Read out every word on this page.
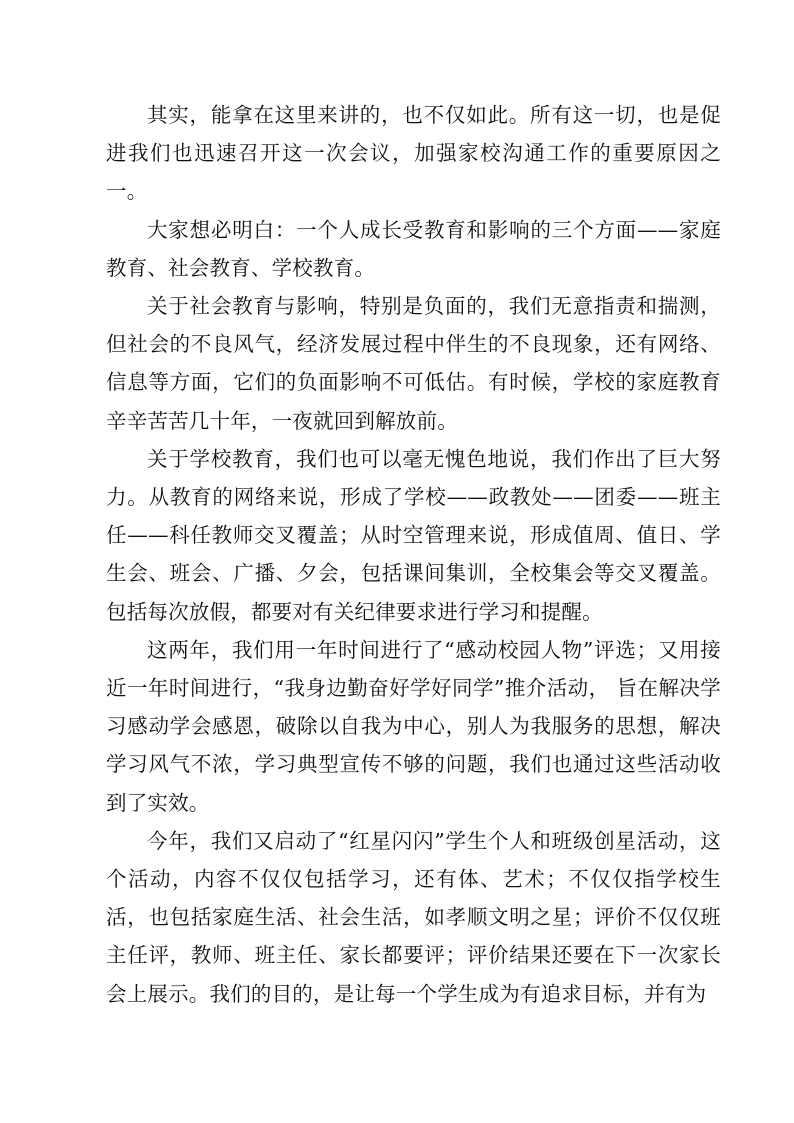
其实，能拿在这里来讲的，也不仅如此。所有这一切，也是促进我们也迅速召开这一次会议，加强家校沟通工作的重要原因之一。

大家想必明白：一个人成长受教育和影响的三个方面——家庭教育、社会教育、学校教育。

关于社会教育与影响，特别是负面的，我们无意指责和揣测，但社会的不良风气，经济发展过程中伴生的不良现象，还有网络、信息等方面，它们的负面影响不可低估。有时候，学校的家庭教育辛辛苦苦几十年，一夜就回到解放前。

关于学校教育，我们也可以毫无愧色地说，我们作出了巨大努力。从教育的网络来说，形成了学校——政教处——团委——班主任——科任教师交叉覆盖；从时空管理来说，形成值周、值日、学生会、班会、广播、夕会，包括课间集训，全校集会等交叉覆盖。包括每次放假，都要对有关纪律要求进行学习和提醒。

这两年，我们用一年时间进行了“感动校园人物”评选；又用接近一年时间进行，“我身边勤奋好学好同学”推介活动， 旨在解决学习感动学会感恩，破除以自我为中心，别人为我服务的思想，解决学习风气不浓，学习典型宣传不够的问题，我们也通过这些活动收到了实效。

今年，我们又启动了“红星闪闪”学生个人和班级创星活动，这个活动，内容不仅仅包括学习，还有体、艺术；不仅仅指学校生活，也包括家庭生活、社会生活，如孝顺文明之星；评价不仅仅班主任评，教师、班主任、家长都要评；评价结果还要在下一次家长会上展示。我们的目的，是让每一个学生成为有追求目标，并有为
